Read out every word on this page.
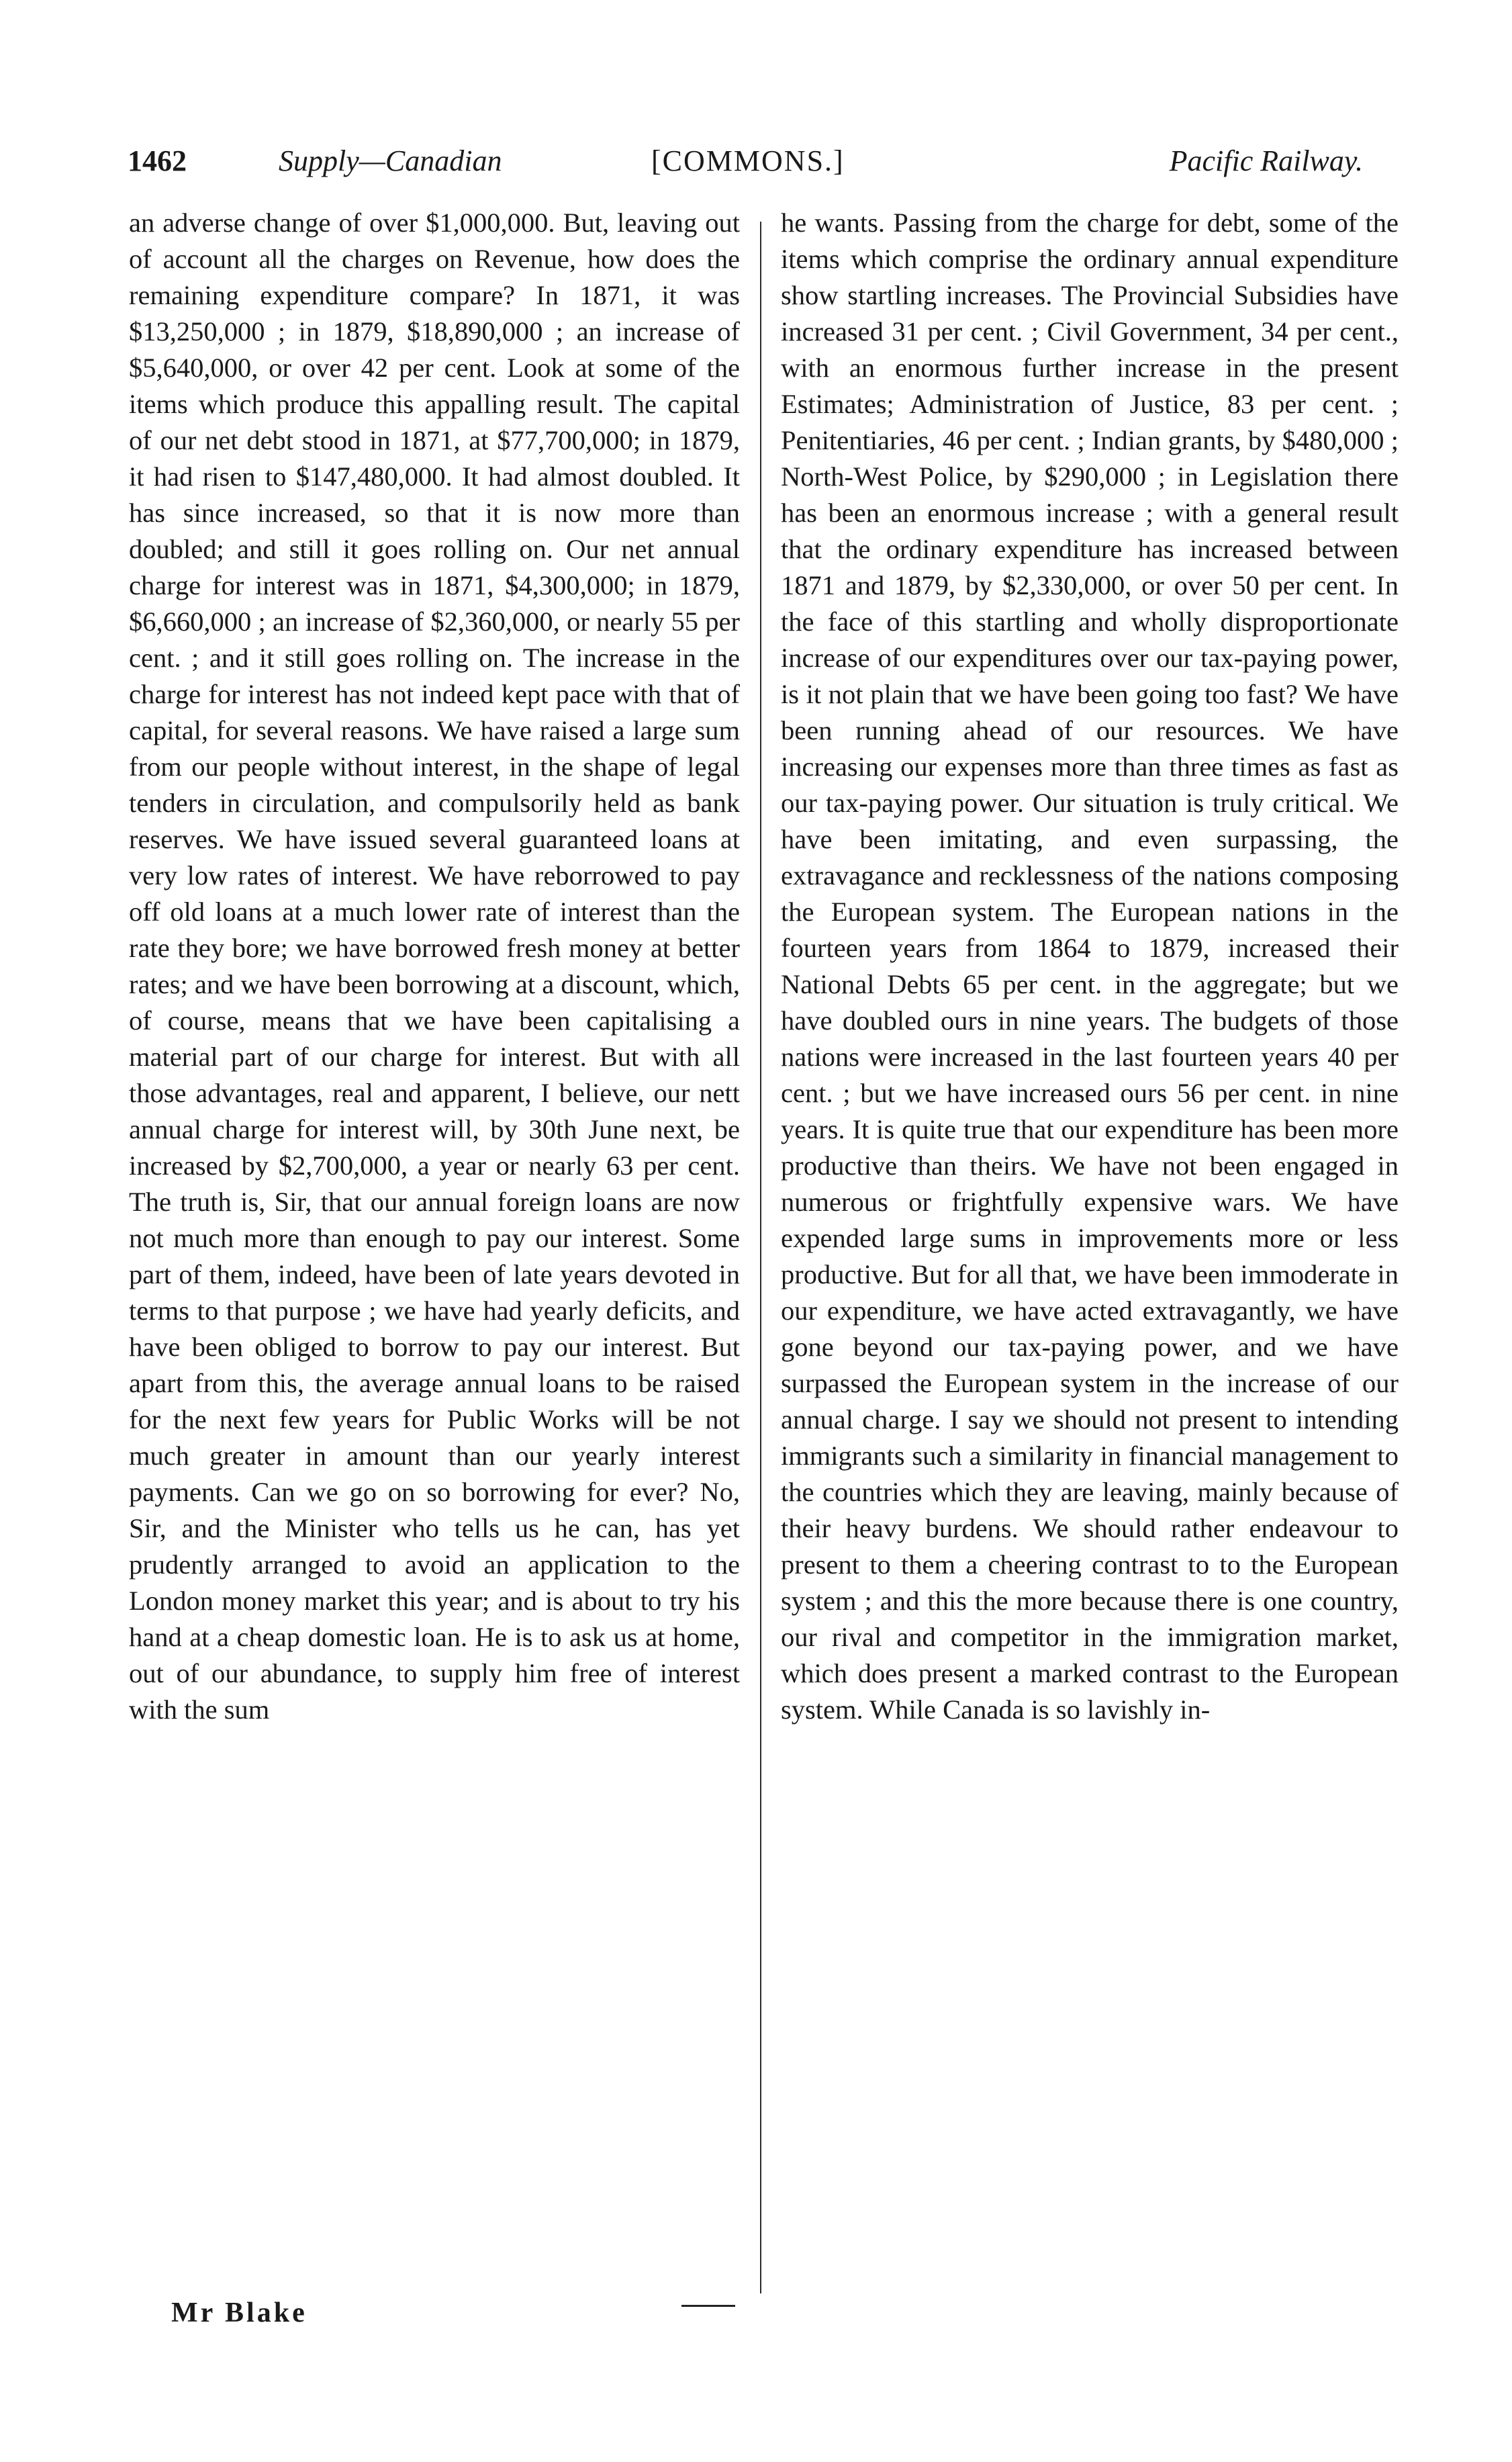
1462	Supply—Canadian	[COMMONS.]	Pacific Railway.

an adverse change of over $1,000,000. But, leaving out of account all the charges on Revenue, how does the remaining expenditure compare? In 1871, it was $13,250,000 ; in 1879, $18,890,000 ; an increase of $5,640,000, or over 42 per cent. Look at some of the items which produce this appalling result. The capital of our net debt stood in 1871, at $77,700,000; in 1879, it had risen to $147,480,000. It had almost doubled. It has since increased, so that it is now more than doubled; and still it goes rolling on. Our net annual charge for interest was in 1871, $4,300,000; in 1879, $6,660,000 ; an increase of $2,360,000, or nearly 55 per cent. ; and it still goes rolling on. The increase in the charge for interest has not indeed kept pace with that of capital, for several reasons. We have raised a large sum from our people without interest, in the shape of legal tenders in circulation, and compulsorily held as bank reserves. We have issued several guaranteed loans at very low rates of interest. We have reborrowed to pay off old loans at a much lower rate of interest than the rate they bore; we have borrowed fresh money at better rates; and we have been borrowing at a discount, which, of course, means that we have been capitalising a material part of our charge for interest. But with all those advantages, real and apparent, I believe, our nett annual charge for interest will, by 30th June next, be increased by $2,700,000, a year or nearly 63 per cent. The truth is, Sir, that our annual foreign loans are now not much more than enough to pay our interest. Some part of them, indeed, have been of late years devoted in terms to that purpose ; we have had yearly deficits, and have been obliged to borrow to pay our interest. But apart from this, the average annual loans to be raised for the next few years for Public Works will be not much greater in amount than our yearly interest payments. Can we go on so borrowing for ever? No, Sir, and the Minister who tells us he can, has yet prudently arranged to avoid an application to the London money market this year; and is about to try his hand at a cheap domestic loan. He is to ask us at home, out of our abundance, to supply him free of interest with the sum

he wants. Passing from the charge for debt, some of the items which comprise the ordinary annual expenditure show startling increases. The Provincial Subsidies have increased 31 per cent. ; Civil Government, 34 per cent., with an enormous further increase in the present Estimates; Administration of Justice, 83 per cent. ; Penitentiaries, 46 per cent. ; Indian grants, by $480,000 ; North-West Police, by $290,000 ; in Legislation there has been an enormous increase ; with a general result that the ordinary expenditure has increased between 1871 and 1879, by $2,330,000, or over 50 per cent. In the face of this startling and wholly disproportionate increase of our expenditures over our tax-paying power, is it not plain that we have been going too fast? We have been running ahead of our resources. We have increasing our expenses more than three times as fast as our tax-paying power. Our situation is truly critical. We have been imitating, and even surpassing, the extravagance and recklessness of the nations composing the European system. The European nations in the fourteen years from 1864 to 1879, increased their National Debts 65 per cent. in the aggregate; but we have doubled ours in nine years. The budgets of those nations were increased in the last fourteen years 40 per cent. ; but we have increased ours 56 per cent. in nine years. It is quite true that our expenditure has been more productive than theirs. We have not been engaged in numerous or frightfully expensive wars. We have expended large sums in improvements more or less productive. But for all that, we have been immoderate in our expenditure, we have acted extravagantly, we have gone beyond our tax-paying power, and we have surpassed the European system in the increase of our annual charge. I say we should not present to intending immigrants such a similarity in financial management to the countries which they are leaving, mainly because of their heavy burdens. We should rather endeavour to present to them a cheering contrast to to the European system ; and this the more because there is one country, our rival and competitor in the immigration market, which does present a marked contrast to the European system. While Canada is so lavishly in-

Mr Blake
